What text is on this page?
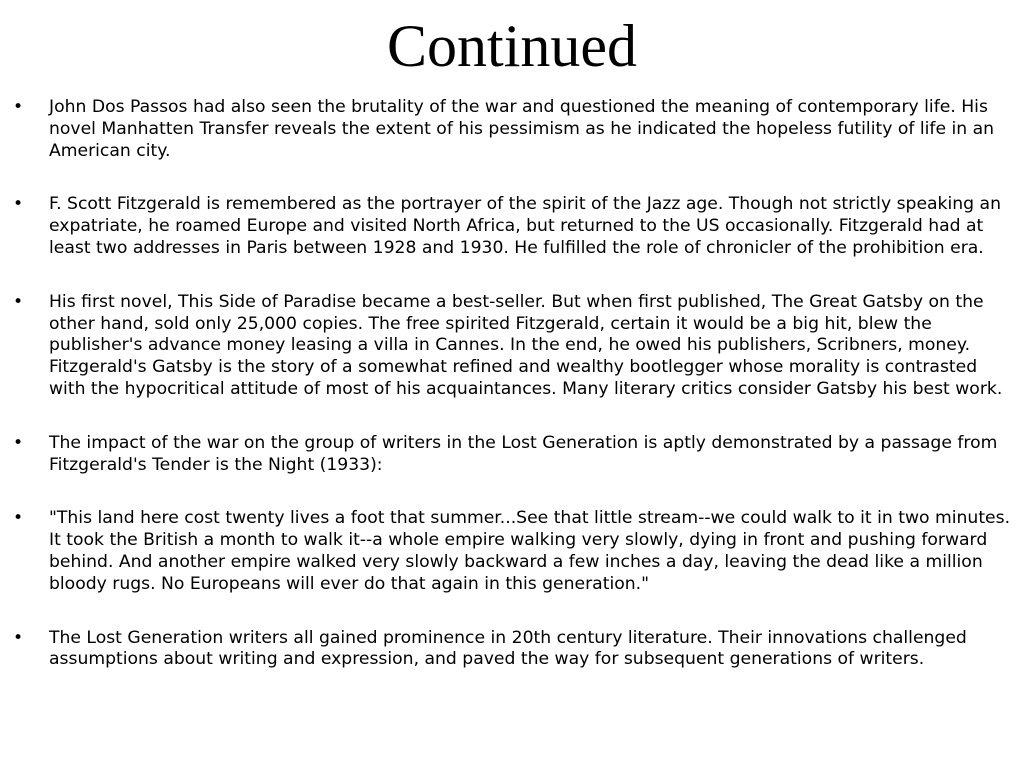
Continued
• John Dos Passos had also seen the brutality of the war and questioned the meaning of contemporary life. His novel Manhatten Transfer reveals the extent of his pessimism as he indicated the hopeless futility of life in an American city.
• F. Scott Fitzgerald is remembered as the portrayer of the spirit of the Jazz age. Though not strictly speaking an expatriate, he roamed Europe and visited North Africa, but returned to the US occasionally. Fitzgerald had at least two addresses in Paris between 1928 and 1930. He fulfilled the role of chronicler of the prohibition era.
• His first novel, This Side of Paradise became a best-seller. But when first published, The Great Gatsby on the other hand, sold only 25,000 copies. The free spirited Fitzgerald, certain it would be a big hit, blew the publisher's advance money leasing a villa in Cannes. In the end, he owed his publishers, Scribners, money. Fitzgerald's Gatsby is the story of a somewhat refined and wealthy bootlegger whose morality is contrasted with the hypocritical attitude of most of his acquaintances. Many literary critics consider Gatsby his best work.
• The impact of the war on the group of writers in the Lost Generation is aptly demonstrated by a passage from Fitzgerald's Tender is the Night (1933):
• "This land here cost twenty lives a foot that summer...See that little stream--we could walk to it in two minutes. It took the British a month to walk it--a whole empire walking very slowly, dying in front and pushing forward behind. And another empire walked very slowly backward a few inches a day, leaving the dead like a million bloody rugs. No Europeans will ever do that again in this generation."
• The Lost Generation writers all gained prominence in 20th century literature. Their innovations challenged assumptions about writing and expression, and paved the way for subsequent generations of writers.
